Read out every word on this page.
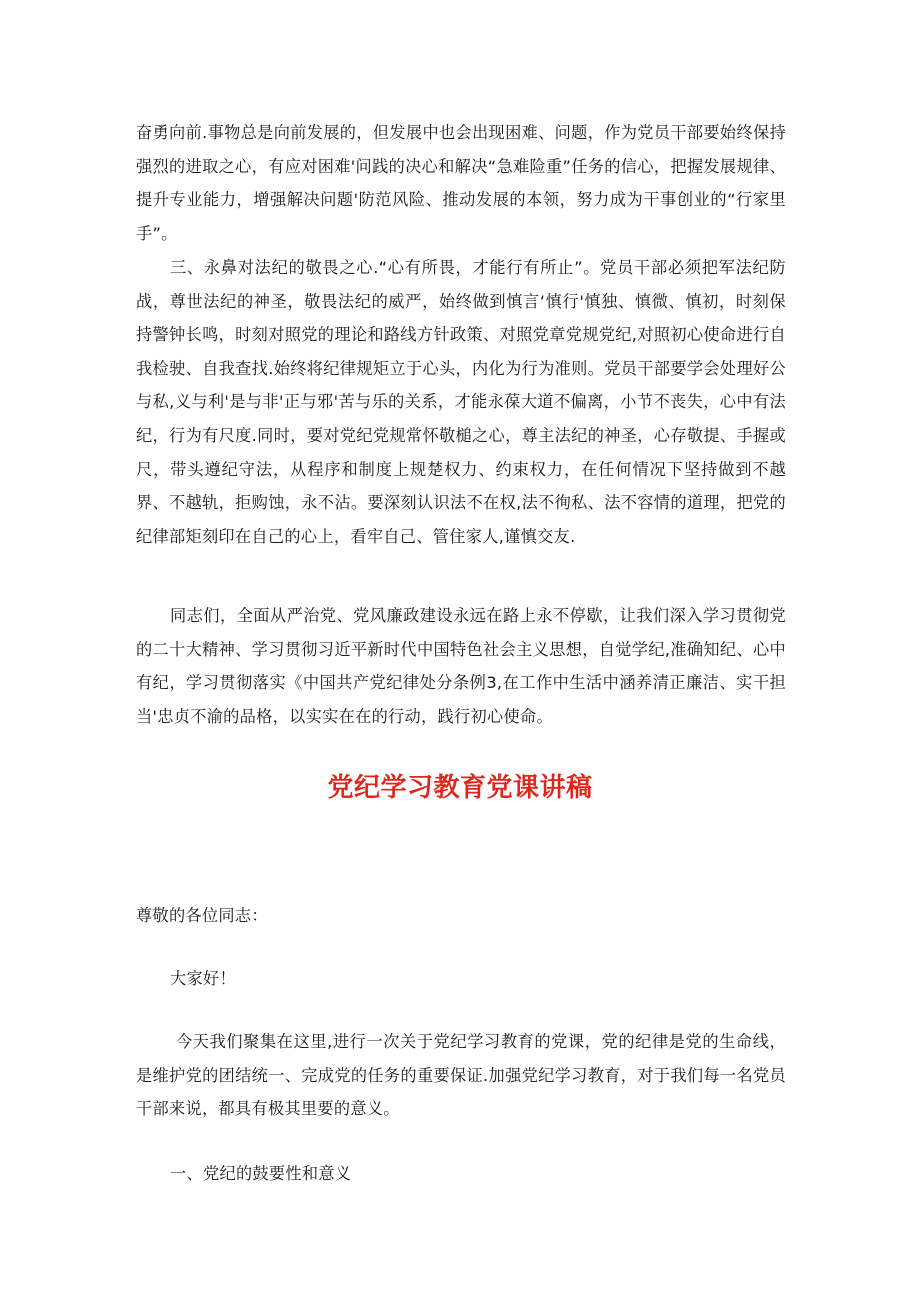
奋勇向前.事物总是向前发展的，但发展中也会出现困难、问题，作为党员干部要始终保持强烈的进取之心，有应对困难'问践的决心和解决“急难险重”任务的信心，把握发展规律、提升专业能力，增强解决问题'防范风险、推动发展的本领，努力成为干事创业的“行家里手”。

三、永鼻对法纪的敬畏之心.“心有所畏，才能行有所止”。党员干部必须把军法纪防战，尊世法纪的神圣，敬畏法纪的威严，始终做到慎言‘慎行'慎独、慎微、慎初，时刻保持警钟长鸣，时刻对照党的理论和路线方针政策、对照党章党规党纪,对照初心使命进行自我检驶、自我查找.始终将纪律规矩立于心头，内化为行为准则。党员干部要学会处理好公与私,义与利'是与非'正与邪'苦与乐的关系，才能永葆大道不偏离，小节不丧失，心中有法纪，行为有尺度.同时，要对党纪党规常怀敬槌之心，尊主法纪的神圣，心存敬提、手握或尺，带头遵纪守法，从程序和制度上规楚权力、约束权力，在任何情况下坚持做到不越界、不越轨，拒购蚀，永不沾。要深刻认识法不在权,法不徇私、法不容情的道理，把党的纪律部矩刻印在自己的心上，看牢自己、管住家人,谨慎交友.

同志们，全面从严治党、党风廉政建设永远在路上永不停歇，让我们深入学习贯彻党的二十大精神、学习贯彻习近平新时代中国特色社会主义思想，自觉学纪,准确知纪、心中有纪，学习贯彻落实《中国共产党纪律处分条例3,在工作中生活中涵养清正廉洁、实干担当'忠贞不渝的品格，以实实在在的行动，践行初心使命。

党纪学习教育党课讲稿

尊敬的各位同志：

大家好！

今天我们聚集在这里,进行一次关于党纪学习教育的党课，党的纪律是党的生命线，是维护党的团结统一、完成党的任务的重要保证.加强党纪学习教育，对于我们每一名党员干部来说，都具有极其里要的意义。

一、党纪的鼓要性和意义
